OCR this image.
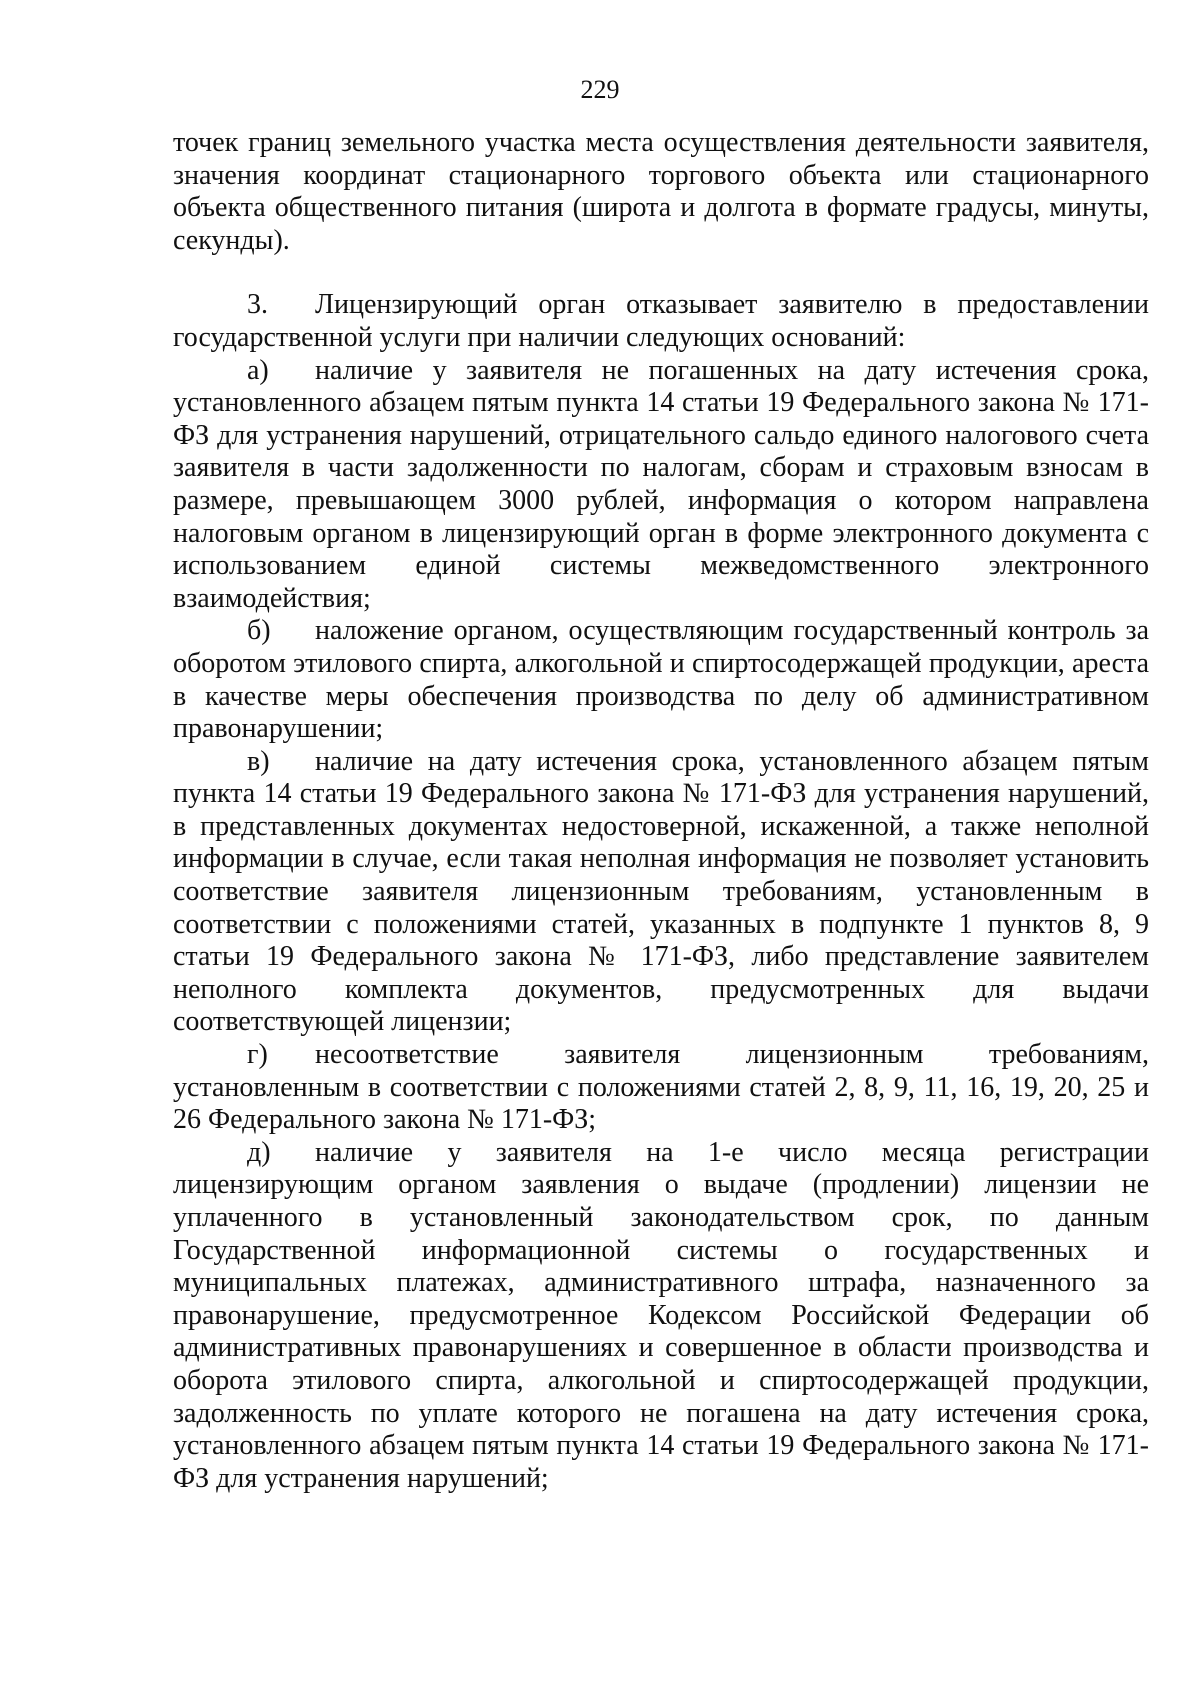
229

точек границ земельного участка места осуществления деятельности заявителя, значения координат стационарного торгового объекта или стационарного объекта общественного питания (широта и долгота в формате градусы, минуты, секунды).

3. Лицензирующий орган отказывает заявителю в предоставлении государственной услуги при наличии следующих оснований:

а) наличие у заявителя не погашенных на дату истечения срока, установленного абзацем пятым пункта 14 статьи 19 Федерального закона № 171-ФЗ для устранения нарушений, отрицательного сальдо единого налогового счета заявителя в части задолженности по налогам, сборам и страховым взносам в размере, превышающем 3000 рублей, информация о котором направлена налоговым органом в лицензирующий орган в форме электронного документа с использованием единой системы межведомственного электронного взаимодействия;

б) наложение органом, осуществляющим государственный контроль за оборотом этилового спирта, алкогольной и спиртосодержащей продукции, ареста в качестве меры обеспечения производства по делу об административном правонарушении;

в) наличие на дату истечения срока, установленного абзацем пятым пункта 14 статьи 19 Федерального закона № 171-ФЗ для устранения нарушений, в представленных документах недостоверной, искаженной, а также неполной информации в случае, если такая неполная информация не позволяет установить соответствие заявителя лицензионным требованиям, установленным в соответствии с положениями статей, указанных в подпункте 1 пунктов 8, 9 статьи 19 Федерального закона № 171-ФЗ, либо представление заявителем неполного комплекта документов, предусмотренных для выдачи соответствующей лицензии;

г) несоответствие заявителя лицензионным требованиям, установленным в соответствии с положениями статей 2, 8, 9, 11, 16, 19, 20, 25 и 26 Федерального закона № 171-ФЗ;

д) наличие у заявителя на 1-е число месяца регистрации лицензирующим органом заявления о выдаче (продлении) лицензии не уплаченного в установленный законодательством срок, по данным Государственной информационной системы о государственных и муниципальных платежах, административного штрафа, назначенного за правонарушение, предусмотренное Кодексом Российской Федерации об административных правонарушениях и совершенное в области производства и оборота этилового спирта, алкогольной и спиртосодержащей продукции, задолженность по уплате которого не погашена на дату истечения срока, установленного абзацем пятым пункта 14 статьи 19 Федерального закона № 171-ФЗ для устранения нарушений;
